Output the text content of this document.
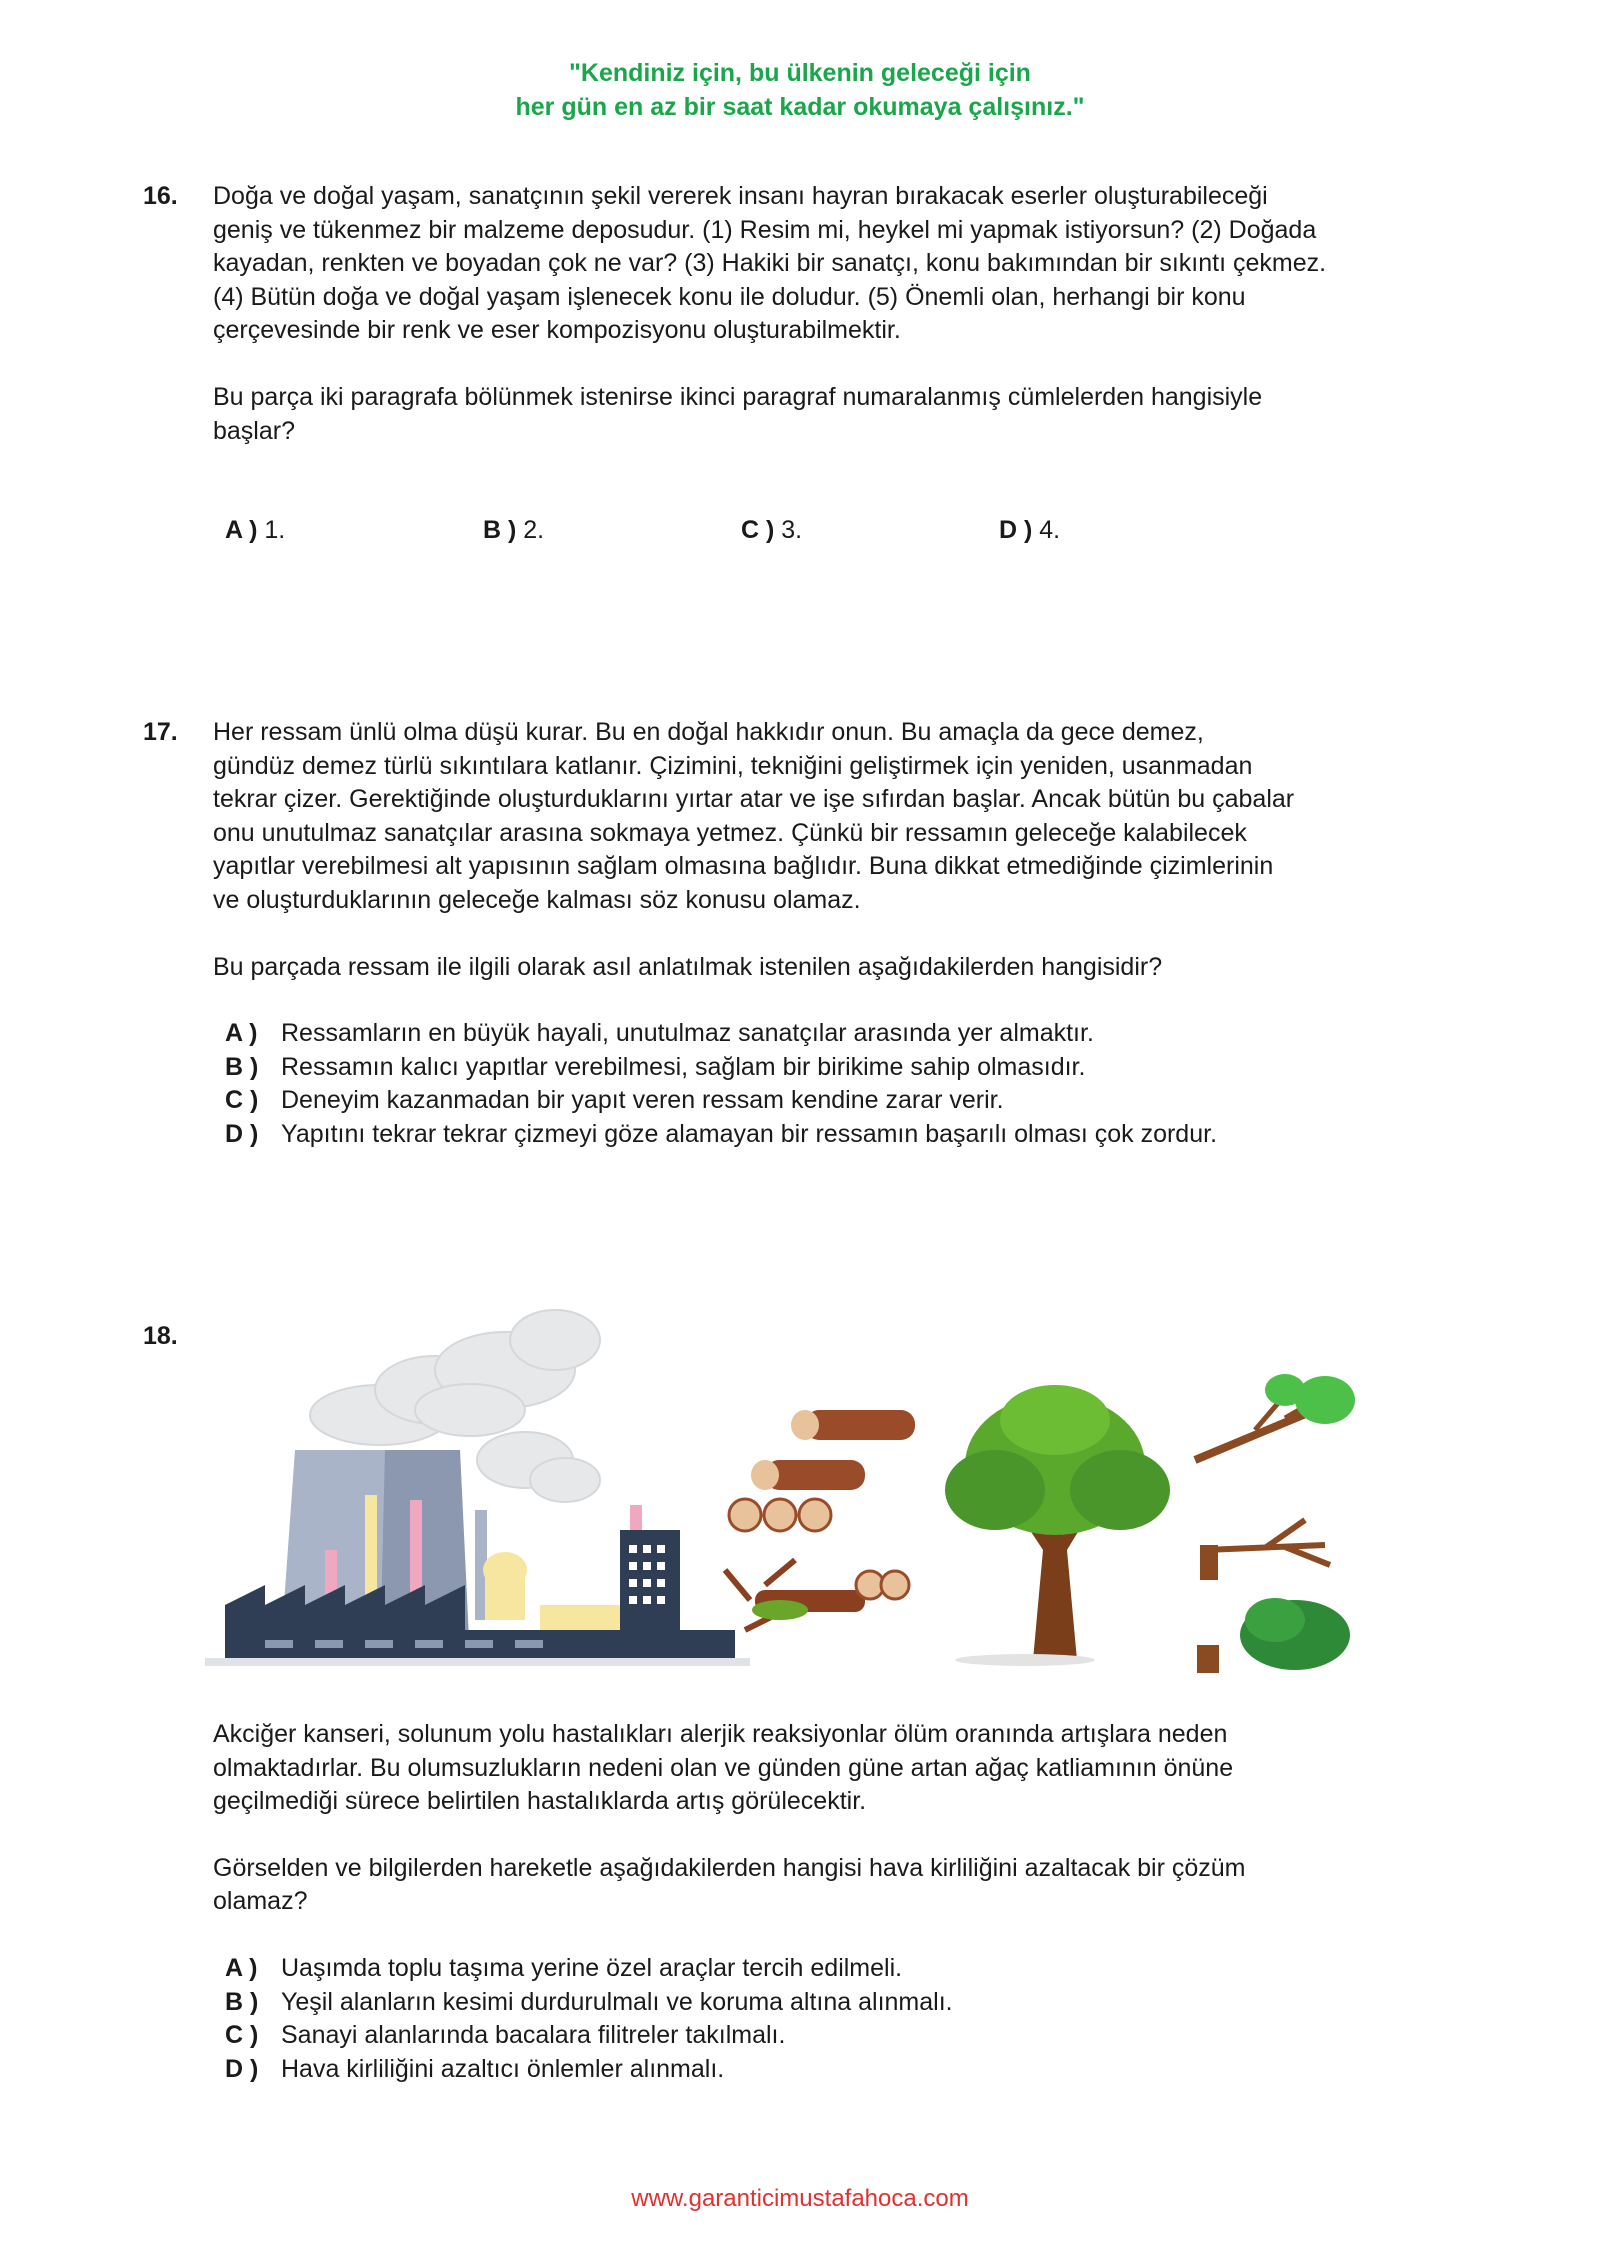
"Kendiniz için, bu ülkenin geleceği için
her gün en az bir saat kadar okumaya çalışınız."
16. Doğa ve doğal yaşam, sanatçının şekil vererek insanı hayran bırakacak eserler oluşturabileceği
geniş ve tükenmez bir malzeme deposudur. (1) Resim mi, heykel mi yapmak istiyorsun? (2) Doğada
kayadan, renkten ve boyadan çok ne var? (3) Hakiki bir sanatçı, konu bakımından bir sıkıntı çekmez.
(4) Bütün doğa ve doğal yaşam işlenecek konu ile doludur. (5) Önemli olan, herhangi bir konu
çerçevesinde bir renk ve eser kompozisyonu oluşturabilmektir.

Bu parça iki paragrafa bölünmek istenirse ikinci paragraf numaralanmış cümlelerden hangisiyle
başlar?

A ) 1.	B ) 2.	C ) 3.	D ) 4.
17. Her ressam ünlü olma düşü kurar. Bu en doğal hakkıdır onun. Bu amaçla da gece demez,
gündüz demez türlü sıkıntılara katlanır. Çizimini, tekniğini geliştirmek için yeniden, usanmadan
tekrar çizer. Gerektiğinde oluşturduklarını yırtar atar ve işe sıfırdan başlar. Ancak bütün bu çabalar
onu unutulmaz sanatçılar arasına sokmaya yetmez. Çünkü bir ressamın geleceğe kalabilecek
yapıtlar verebilmesi alt yapısının sağlam olmasına bağlıdır. Buna dikkat etmediğinde çizimlerinin
ve oluşturduklarının geleceğe kalması söz konusu olamaz.

Bu parçada ressam ile ilgili olarak asıl anlatılmak istenilen aşağıdakilerden hangisidir?

A ) Ressamların en büyük hayali, unutulmaz sanatçılar arasında yer almaktır.
B ) Ressamın kalıcı yapıtlar verebilmesi, sağlam bir birikime sahip olmasıdır.
C ) Deneyim kazanmadan bir yapıt veren ressam kendine zarar verir.
D ) Yapıtını tekrar tekrar çizmeyi göze alamayan bir ressamın başarılı olması çok zordur.
18.

Akciğer kanseri, solunum yolu hastalıkları alerjik reaksiyonlar ölüm oranında artışlara neden
olmaktadırlar. Bu olumsuzlukların nedeni olan ve günden güne artan ağaç katliamının önüne
geçilmediği sürece belirtilen hastalıklarda artış görülecektir.

Görselden ve bilgilerden hareketle aşağıdakilerden hangisi hava kirliliğini azaltacak bir çözüm
olamaz?

A ) Uaşımda toplu taşıma yerine özel araçlar tercih edilmeli.
B ) Yeşil alanların kesimi durdurulmalı ve koruma altına alınmalı.
C ) Sanayi alanlarında bacalara filitreler takılmalı.
D ) Hava kirliliğini azaltıcı önlemler alınmalı.
www.garanticimustafahoca.com
